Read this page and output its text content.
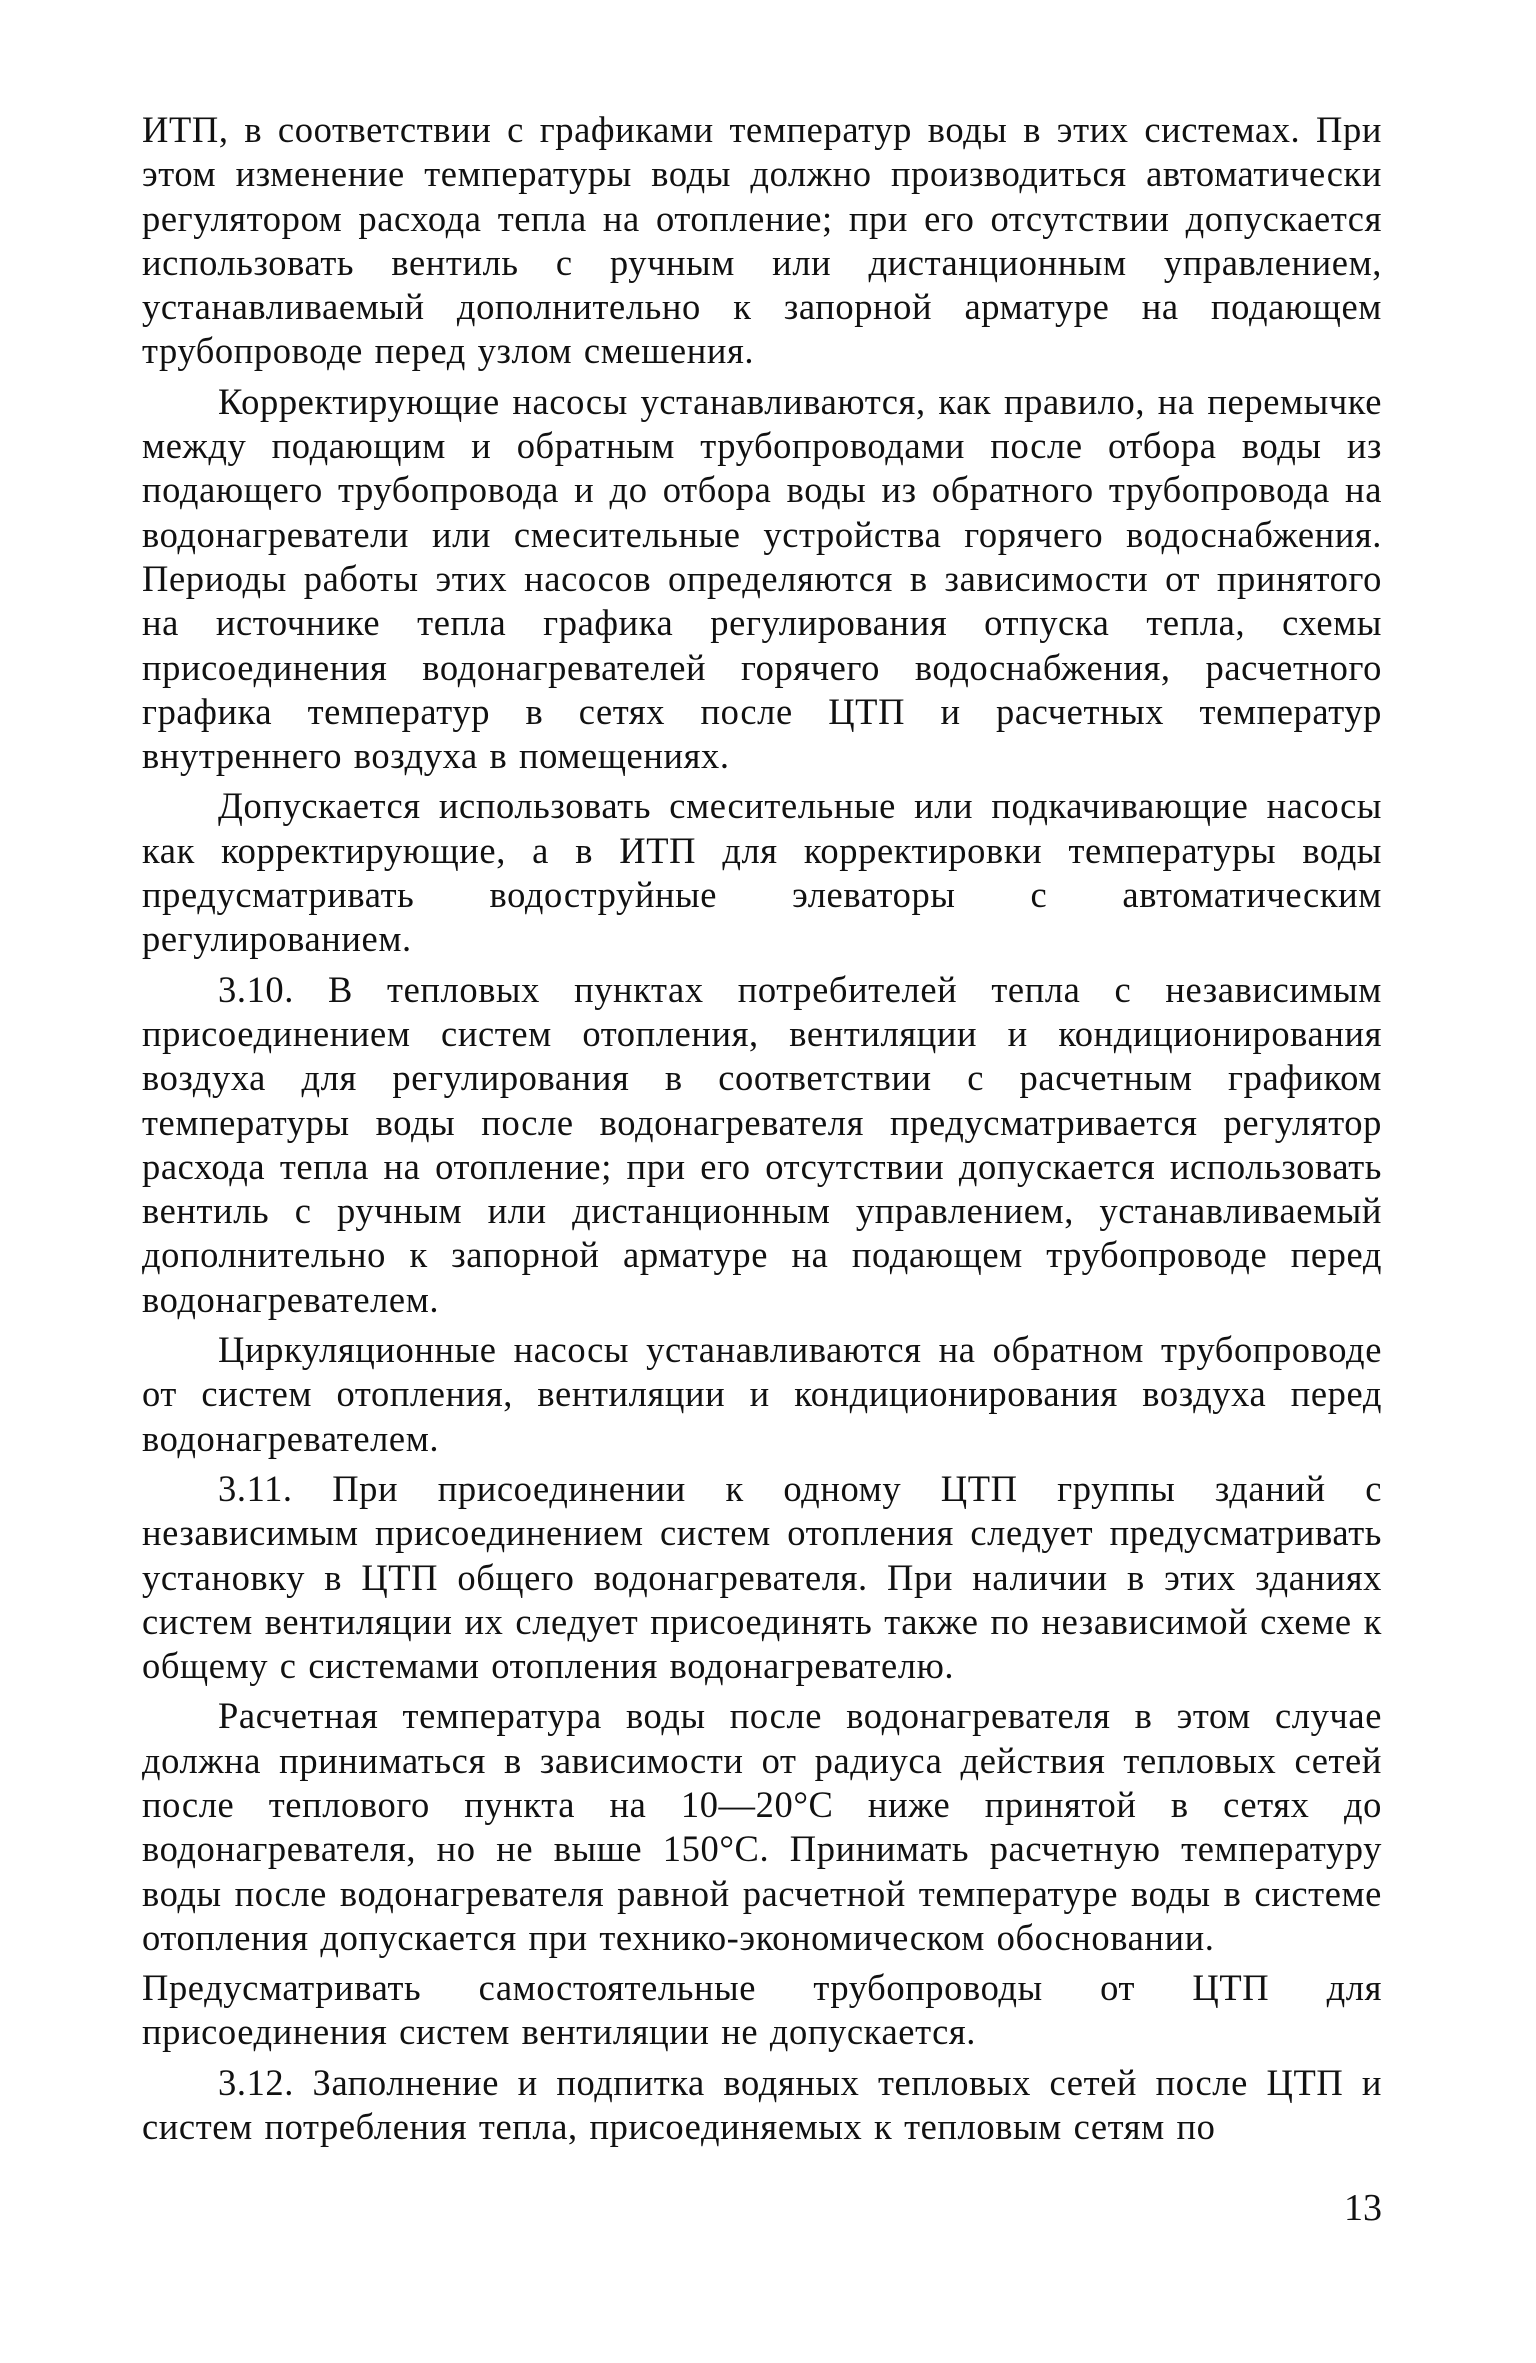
ИТП, в соответствии с графиками температур воды в этих системах. При этом изменение температуры воды должно производиться автоматически регулятором расхода тепла на отопление; при его отсутствии допускается использовать вентиль с ручным или дистанционным управлением, устанавливаемый дополнительно к запорной арматуре на подающем трубопроводе перед узлом смешения.

Корректирующие насосы устанавливаются, как правило, на перемычке между подающим и обратным трубопроводами после отбора воды из подающего трубопровода и до отбора воды из обратного трубопровода на водонагреватели или смесительные устройства горячего водоснабжения. Периоды работы этих насосов определяются в зависимости от принятого на источнике тепла графика регулирования отпуска тепла, схемы присоединения водонагревателей горячего водоснабжения, расчетного графика температур в сетях после ЦТП и расчетных температур внутреннего воздуха в помещениях.

Допускается использовать смесительные или подкачивающие насосы как корректирующие, а в ИТП для корректировки температуры воды предусматривать водоструйные элеваторы с автоматическим регулированием.

3.10. В тепловых пунктах потребителей тепла с независимым присоединением систем отопления, вентиляции и кондиционирования воздуха для регулирования в соответствии с расчетным графиком температуры воды после водонагревателя предусматривается регулятор расхода тепла на отопление; при его отсутствии допускается использовать вентиль с ручным или дистанционным управлением, устанавливаемый дополнительно к запорной арматуре на подающем трубопроводе перед водонагревателем.

Циркуляционные насосы устанавливаются на обратном трубопроводе от систем отопления, вентиляции и кондиционирования воздуха перед водонагревателем.

3.11. При присоединении к одному ЦТП группы зданий с независимым присоединением систем отопления следует предусматривать установку в ЦТП общего водонагревателя. При наличии в этих зданиях систем вентиляции их следует присоединять также по независимой схеме к общему с системами отопления водонагревателю.

Расчетная температура воды после водонагревателя в этом случае должна приниматься в зависимости от радиуса действия тепловых сетей после теплового пункта на 10—20°С ниже принятой в сетях до водонагревателя, но не выше 150°С. Принимать расчетную температуру воды после водонагревателя равной расчетной температуре воды в системе отопления допускается при технико-экономическом обосновании.

Предусматривать самостоятельные трубопроводы от ЦТП для присоединения систем вентиляции не допускается.

3.12. Заполнение и подпитка водяных тепловых сетей после ЦТП и систем потребления тепла, присоединяемых к тепловым сетям по

13
